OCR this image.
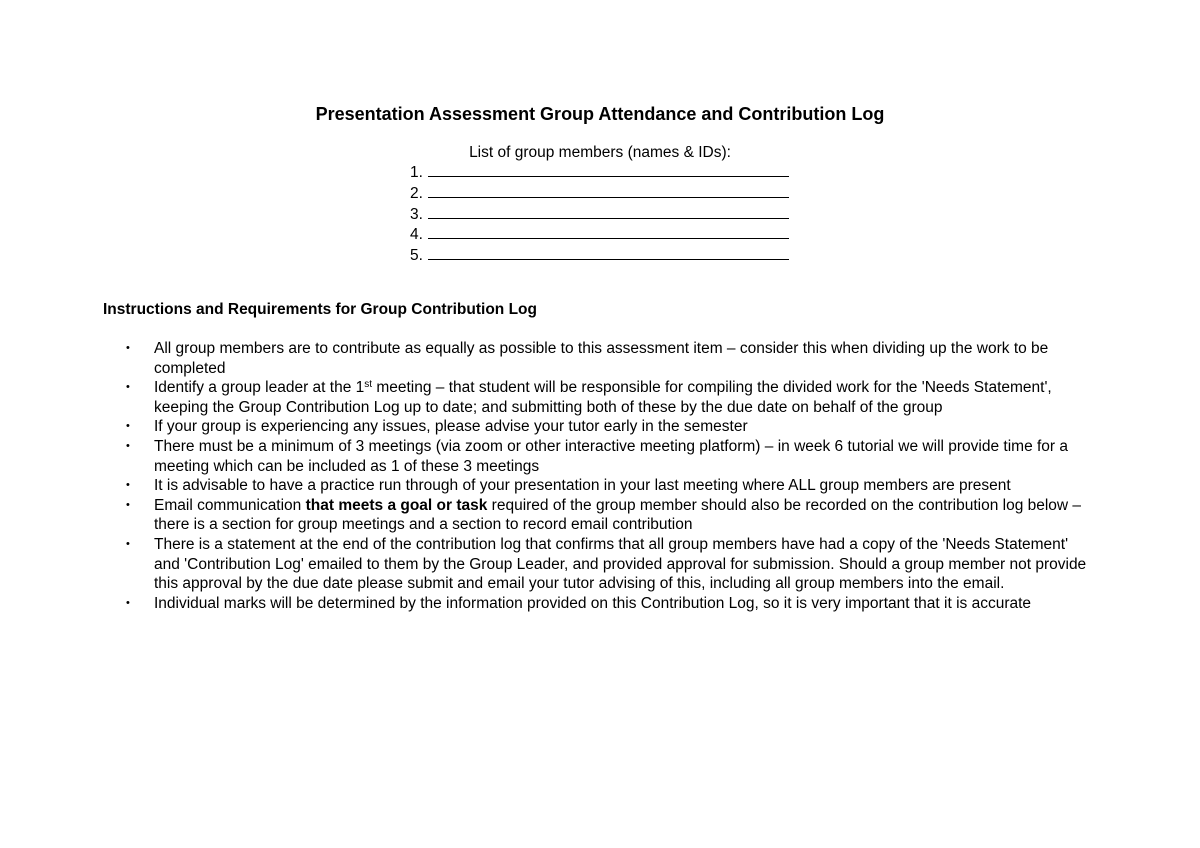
Presentation Assessment Group Attendance and Contribution Log
List of group members (names & IDs):
1.
2.
3.
4.
5.
Instructions and Requirements for Group Contribution Log
• All group members are to contribute as equally as possible to this assessment item – consider this when dividing up the work to be completed
• Identify a group leader at the 1st meeting – that student will be responsible for compiling the divided work for the 'Needs Statement', keeping the Group Contribution Log up to date; and submitting both of these by the due date on behalf of the group
• If your group is experiencing any issues, please advise your tutor early in the semester
• There must be a minimum of 3 meetings (via zoom or other interactive meeting platform) – in week 6 tutorial we will provide time for a meeting which can be included as 1 of these 3 meetings
• It is advisable to have a practice run through of your presentation in your last meeting where ALL group members are present
• Email communication that meets a goal or task required of the group member should also be recorded on the contribution log below – there is a section for group meetings and a section to record email contribution
• There is a statement at the end of the contribution log that confirms that all group members have had a copy of the 'Needs Statement' and 'Contribution Log' emailed to them by the Group Leader, and provided approval for submission. Should a group member not provide this approval by the due date please submit and email your tutor advising of this, including all group members into the email.
• Individual marks will be determined by the information provided on this Contribution Log, so it is very important that it is accurate
